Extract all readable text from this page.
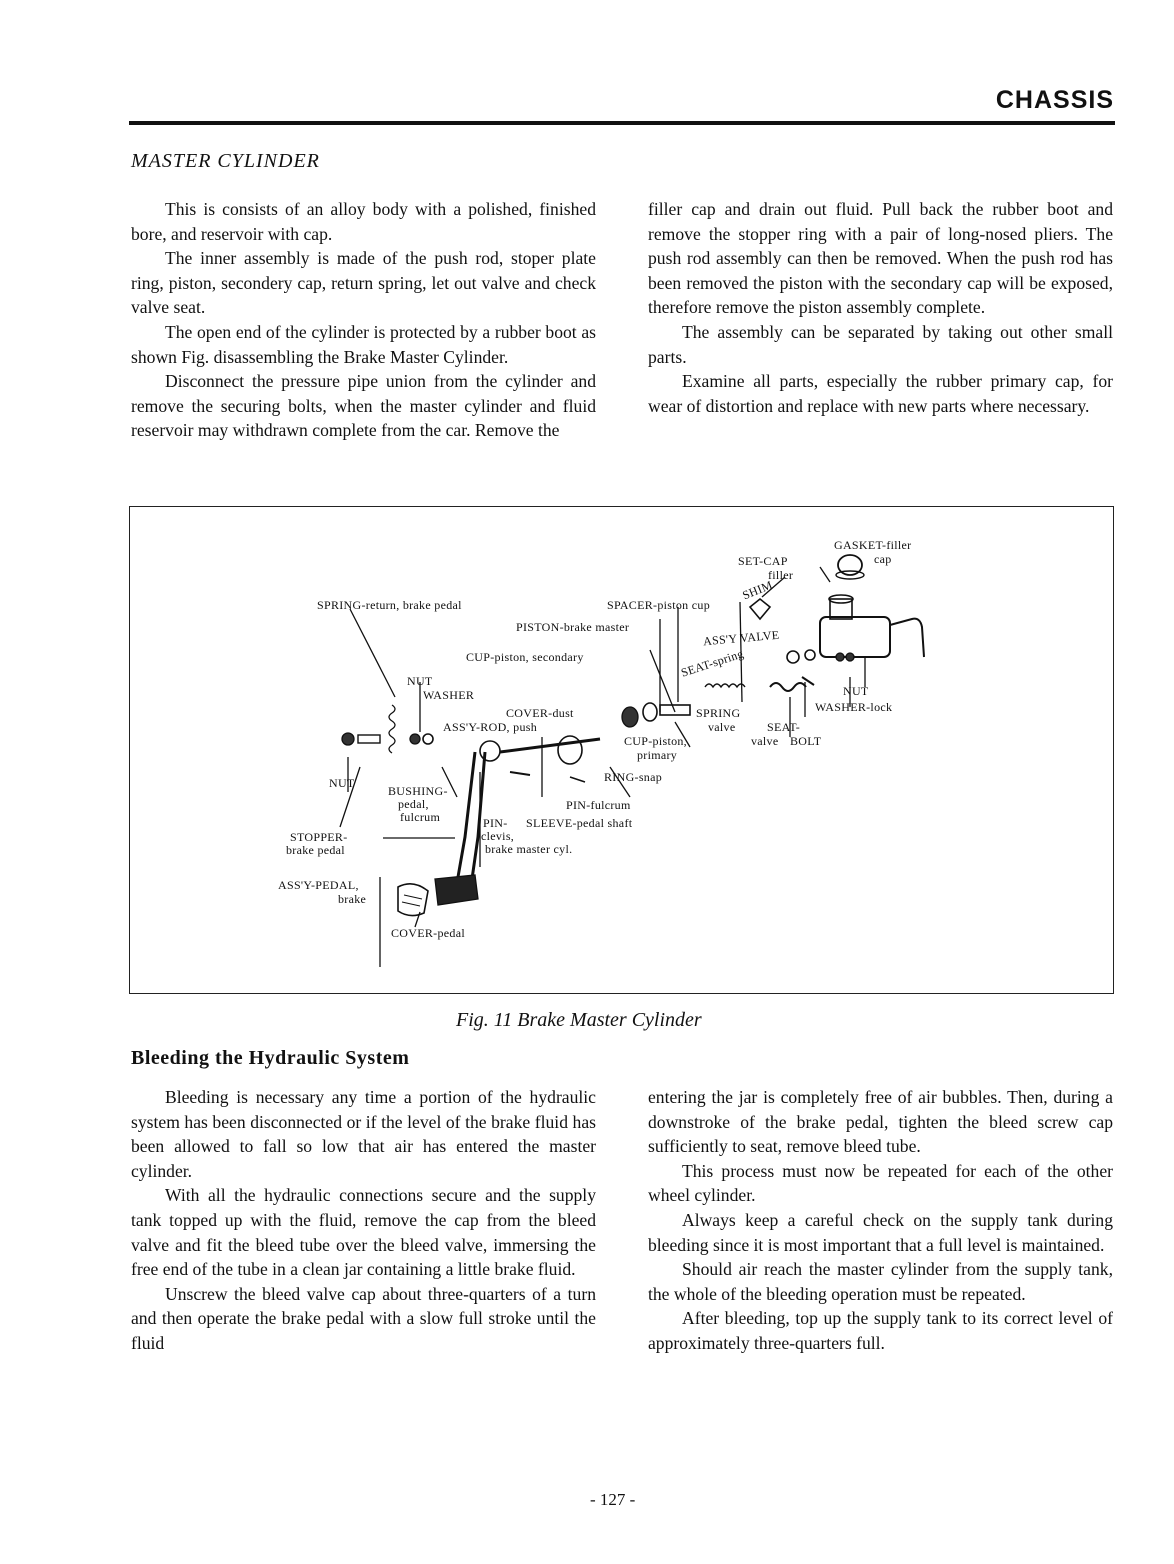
CHASSIS
MASTER CYLINDER

This is consists of an alloy body with a polished, finished bore, and reservoir with cap.

The inner assembly is made of the push rod, stoper plate ring, piston, secondery cap, return spring, let out valve and check valve seat.

The open end of the cylinder is protected by a rubber boot as shown Fig. disassembling the Brake Master Cylinder.

Disconnect the pressure pipe union from the cylinder and remove the securing bolts, when the master cylinder and fluid reservoir may withdrawn complete from the car. Remove the

filler cap and drain out fluid. Pull back the rubber boot and remove the stopper ring with a pair of long-nosed pliers. The push rod assembly can then be removed. When the push rod has been removed the piston with the secondary cap will be exposed, therefore remove the piston assembly complete.

The assembly can be separated by taking out other small parts.

Examine all parts, especially the rubber primary cap, for wear of distortion and replace with new parts where necessary.

GASKET-filler
cap
SET-CAP
filler
SHIM
SPRING-return, brake pedal	SPACER-piston cup
PISTON-brake master
ASS'Y VALVE
SEAT-spring
CUP-piston, secondary
NUT
WASHER
COVER-dust
ASS'Y-ROD, push
SPRING
valve	SEAT-
valve
NUT
WASHER-lock
BOLT
CUP-piston,
primary
RING-snap
NUT
BUSHING-
pedal,
fulcrum
PIN-fulcrum
PIN- SLEEVE-pedal shaft
clevis,
brake master cyl.
STOPPER-
brake pedal
ASS'Y-PEDAL,
brake
COVER-pedal
Fig. 11 Brake Master Cylinder
Bleeding the Hydraulic System

Bleeding is necessary any time a portion of the hydraulic system has been disconnected or if the level of the brake fluid has been allowed to fall so low that air has entered the master cylinder.

With all the hydraulic connections secure and the supply tank topped up with the fluid, remove the cap from the bleed valve and fit the bleed tube over the bleed valve, immersing the free end of the tube in a clean jar containing a little brake fluid.

Unscrew the bleed valve cap about three-quarters of a turn and then operate the brake pedal with a slow full stroke until the fluid

entering the jar is completely free of air bubbles. Then, during a downstroke of the brake pedal, tighten the bleed screw cap sufficiently to seat, remove bleed tube.

This process must now be repeated for each of the other wheel cylinder.

Always keep a careful check on the supply tank during bleeding since it is most important that a full level is maintained.

Should air reach the master cylinder from the supply tank, the whole of the bleeding operation must be repeated.

After bleeding, top up the supply tank to its correct level of approximately three-quarters full.

- 127 -
